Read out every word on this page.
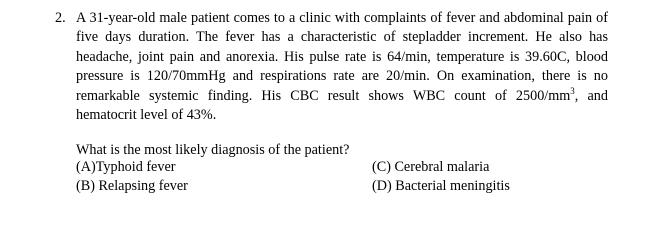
2. A 31-year-old male patient comes to a clinic with complaints of fever and abdominal pain of
five days duration. The fever has a characteristic of stepladder increment. He also has
headache, joint pain and anorexia. His pulse rate is 64/min, temperature is 39.60C, blood
pressure is 120/70mmHg and respirations rate are 20/min. On examination, there is no
remarkable systemic finding. His CBC result shows WBC count of $2500/mm^3$, and
hematocrit level of 43%.
What is the most likely diagnosis of the patient?
(A)Typhoid fever
(B) Relapsing fever
(C) Cerebral malaria
(D) Bacterial meningitis
